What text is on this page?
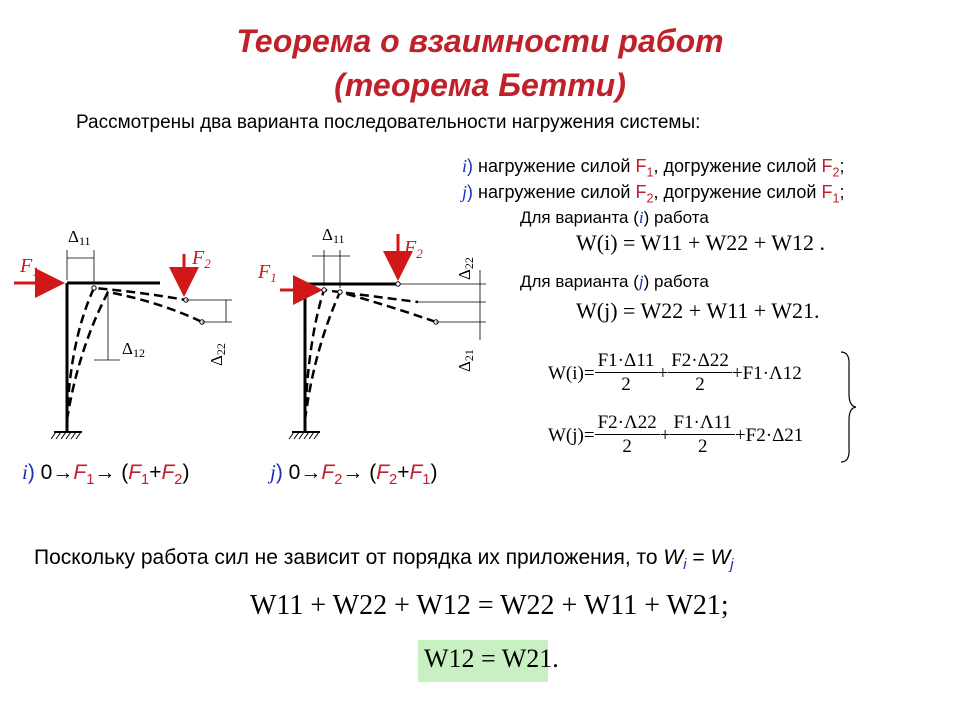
Теорема о взаимности работ
(теорема Бетти)
Рассмотрены два варианта последовательности нагружения системы:
i) нагружение силой $F_1$, догружение силой $F_2$;
j) нагружение силой $F_2$, догружение силой $F_1$;
Для варианта (i) работа
W(i) = W11 + W22 + W12 .
Для варианта (j) работа
W(j) = W22 + W11 + W21.
$W(i)= \frac{F1\cdot\Delta 11}{2} + \frac{F2\cdot\Delta 22}{2} +F1\cdot\Lambda 12$
$W(j)= \frac{F2\cdot\Lambda 22}{2} + \frac{F1\cdot\Lambda 11}{2} +F2\cdot\Delta 21$
$F_1$
$F_2$
Δ11
Δ12
Δ22
i) $0\to F_1\to (F_1+F_2)$
$F_1$
$F_2$
Δ11
Δ22
Δ21
j) $0\to F_2\to (F_2+F_1)$
Поскольку работа сил не зависит от порядка их приложения, то $W_i = W_j$
W11 + W22 + W12 = W22 + W11 + W21;
W12 = W21.
